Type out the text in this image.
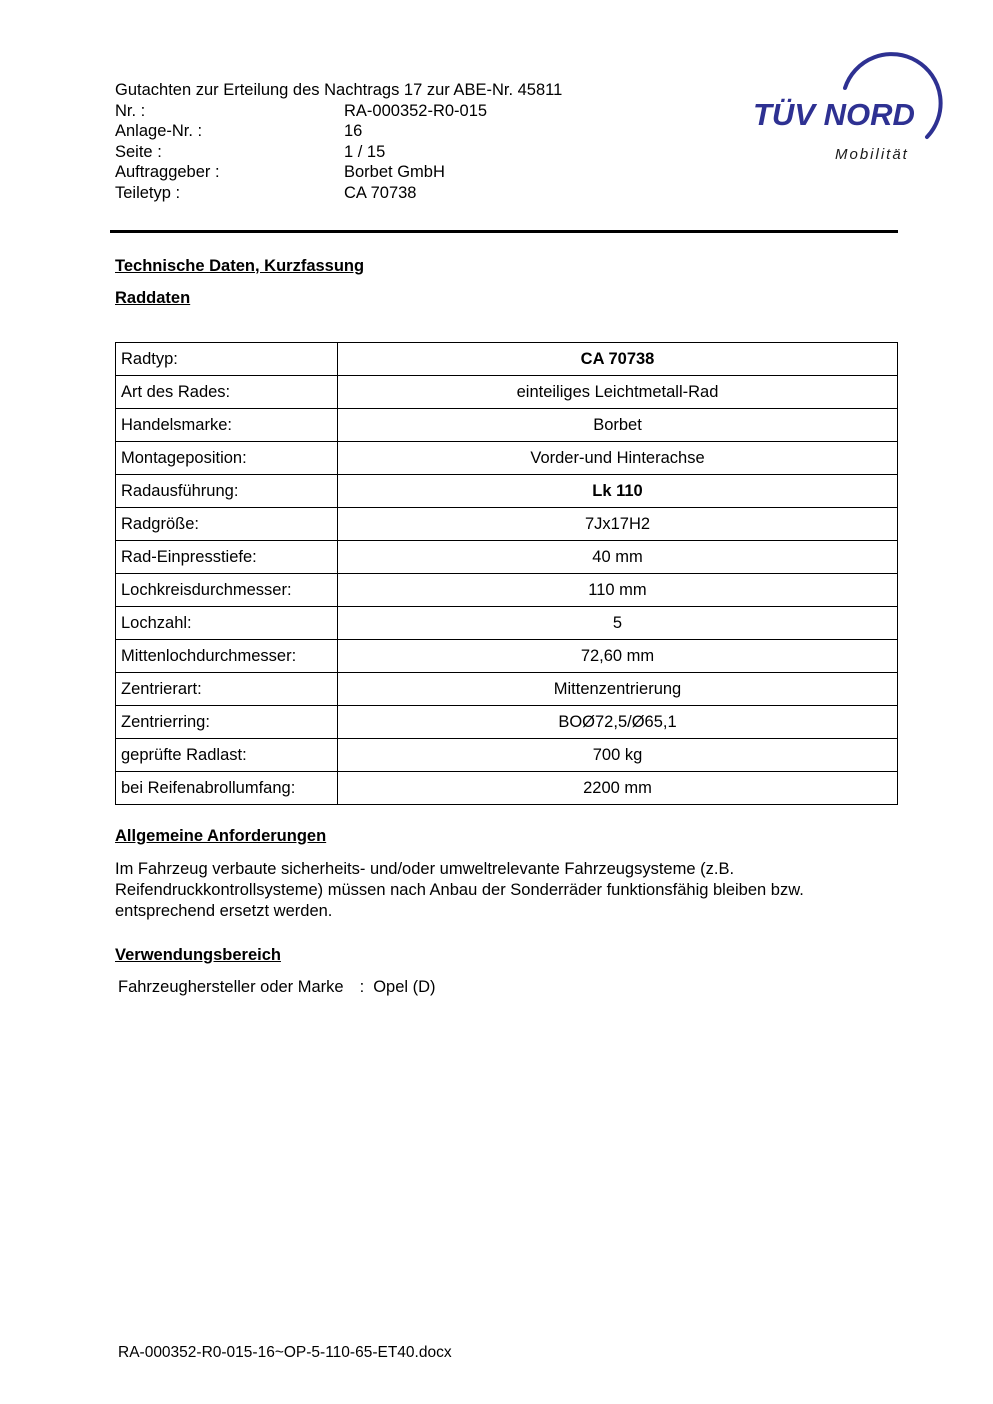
TÜV NORD
Mobilität
Gutachten zur Erteilung des Nachtrags 17 zur ABE-Nr. 45811
Nr. :	RA-000352-R0-015
Anlage-Nr. :	16
Seite :	1 / 15
Auftraggeber :	Borbet GmbH
Teiletyp :	CA 70738
Technische Daten, Kurzfassung
Raddaten
Radtyp:	CA 70738
Art des Rades:	einteiliges Leichtmetall-Rad
Handelsmarke:	Borbet
Montageposition:	Vorder-und Hinterachse
Radausführung:	Lk 110
Radgröße:	7Jx17H2
Rad-Einpresstiefe:	40 mm
Lochkreisdurchmesser:	110 mm
Lochzahl:	5
Mittenlochdurchmesser:	72,60 mm
Zentrierart:	Mittenzentrierung
Zentrierring:	BOØ72,5/Ø65,1
geprüfte Radlast:	700 kg
bei Reifenabrollumfang:	2200 mm
Allgemeine Anforderungen
Im Fahrzeug verbaute sicherheits- und/oder umweltrelevante Fahrzeugsysteme (z.B. Reifendruckkontrollsysteme) müssen nach Anbau der Sonderräder funktionsfähig bleiben bzw. entsprechend ersetzt werden.
Verwendungsbereich
Fahrzeughersteller oder Marke : Opel (D)
RA-000352-R0-015-16~OP-5-110-65-ET40.docx
